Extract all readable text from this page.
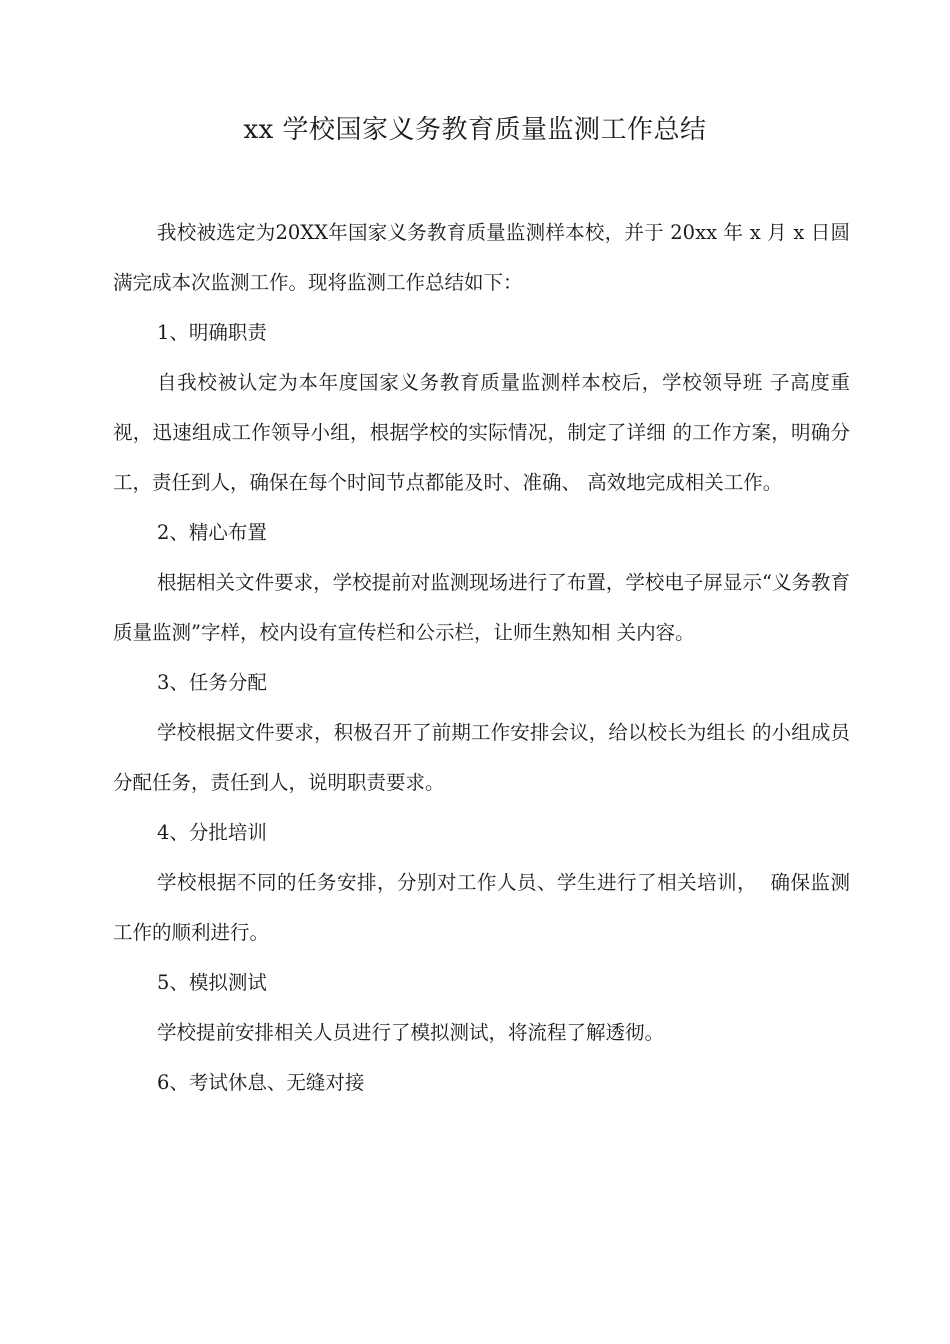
xx 学校国家义务教育质量监测工作总结

我校被选定为20XX年国家义务教育质量监测样本校，并于 20xx 年 x 月 x 日圆满完成本次监测工作。现将监测工作总结如下：

1、明确职责

自我校被认定为本年度国家义务教育质量监测样本校后，学校领导班 子高度重视，迅速组成工作领导小组，根据学校的实际情况，制定了详细 的工作方案，明确分工，责任到人，确保在每个时间节点都能及时、准确、 高效地完成相关工作。

2、精心布置

根据相关文件要求，学校提前对监测现场进行了布置，学校电子屏显示“义务教育质量监测”字样，校内设有宣传栏和公示栏，让师生熟知相 关内容。

3、任务分配

学校根据文件要求，积极召开了前期工作安排会议，给以校长为组长 的小组成员分配任务，责任到人，说明职责要求。

4、分批培训

学校根据不同的任务安排，分别对工作人员、学生进行了相关培训，  确保监测工作的顺利进行。

5、模拟测试

学校提前安排相关人员进行了模拟测试，将流程了解透彻。

6、考试休息、无缝对接
